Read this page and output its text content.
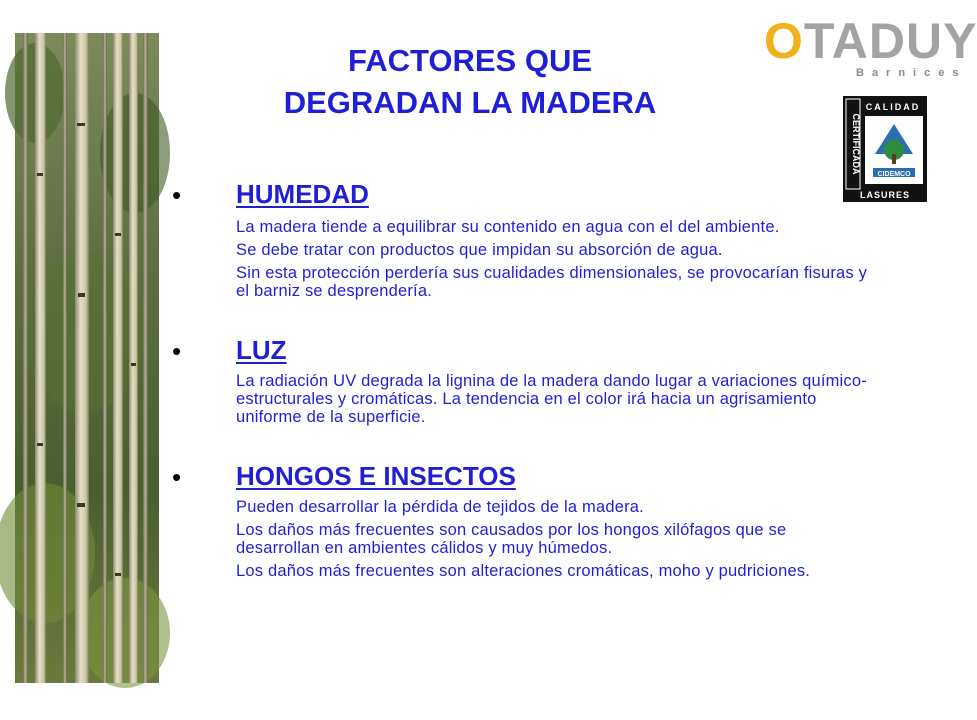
FACTORES QUE
DEGRADAN LA MADERA
OTADUY
Barnices
CERTIFICADA
CALIDAD
CIDEMCO
LASURES
• HUMEDAD
La madera tiende a equilibrar su contenido en agua con el del ambiente.
Se debe tratar con productos que impidan su absorción de agua.
Sin esta protección perdería sus cualidades dimensionales, se provocarían fisuras y el barniz se desprendería.
• LUZ
La radiación UV degrada la lignina de la madera dando lugar a variaciones químico-estructurales y cromáticas. La tendencia en el color irá hacia un agrisamiento uniforme de la superficie.
• HONGOS E INSECTOS
Pueden desarrollar la pérdida de tejidos de la madera.
Los daños más frecuentes son causados por los hongos xilófagos que se desarrollan en ambientes cálidos y muy húmedos.
Los daños más frecuentes son alteraciones cromáticas, moho y pudriciones.
